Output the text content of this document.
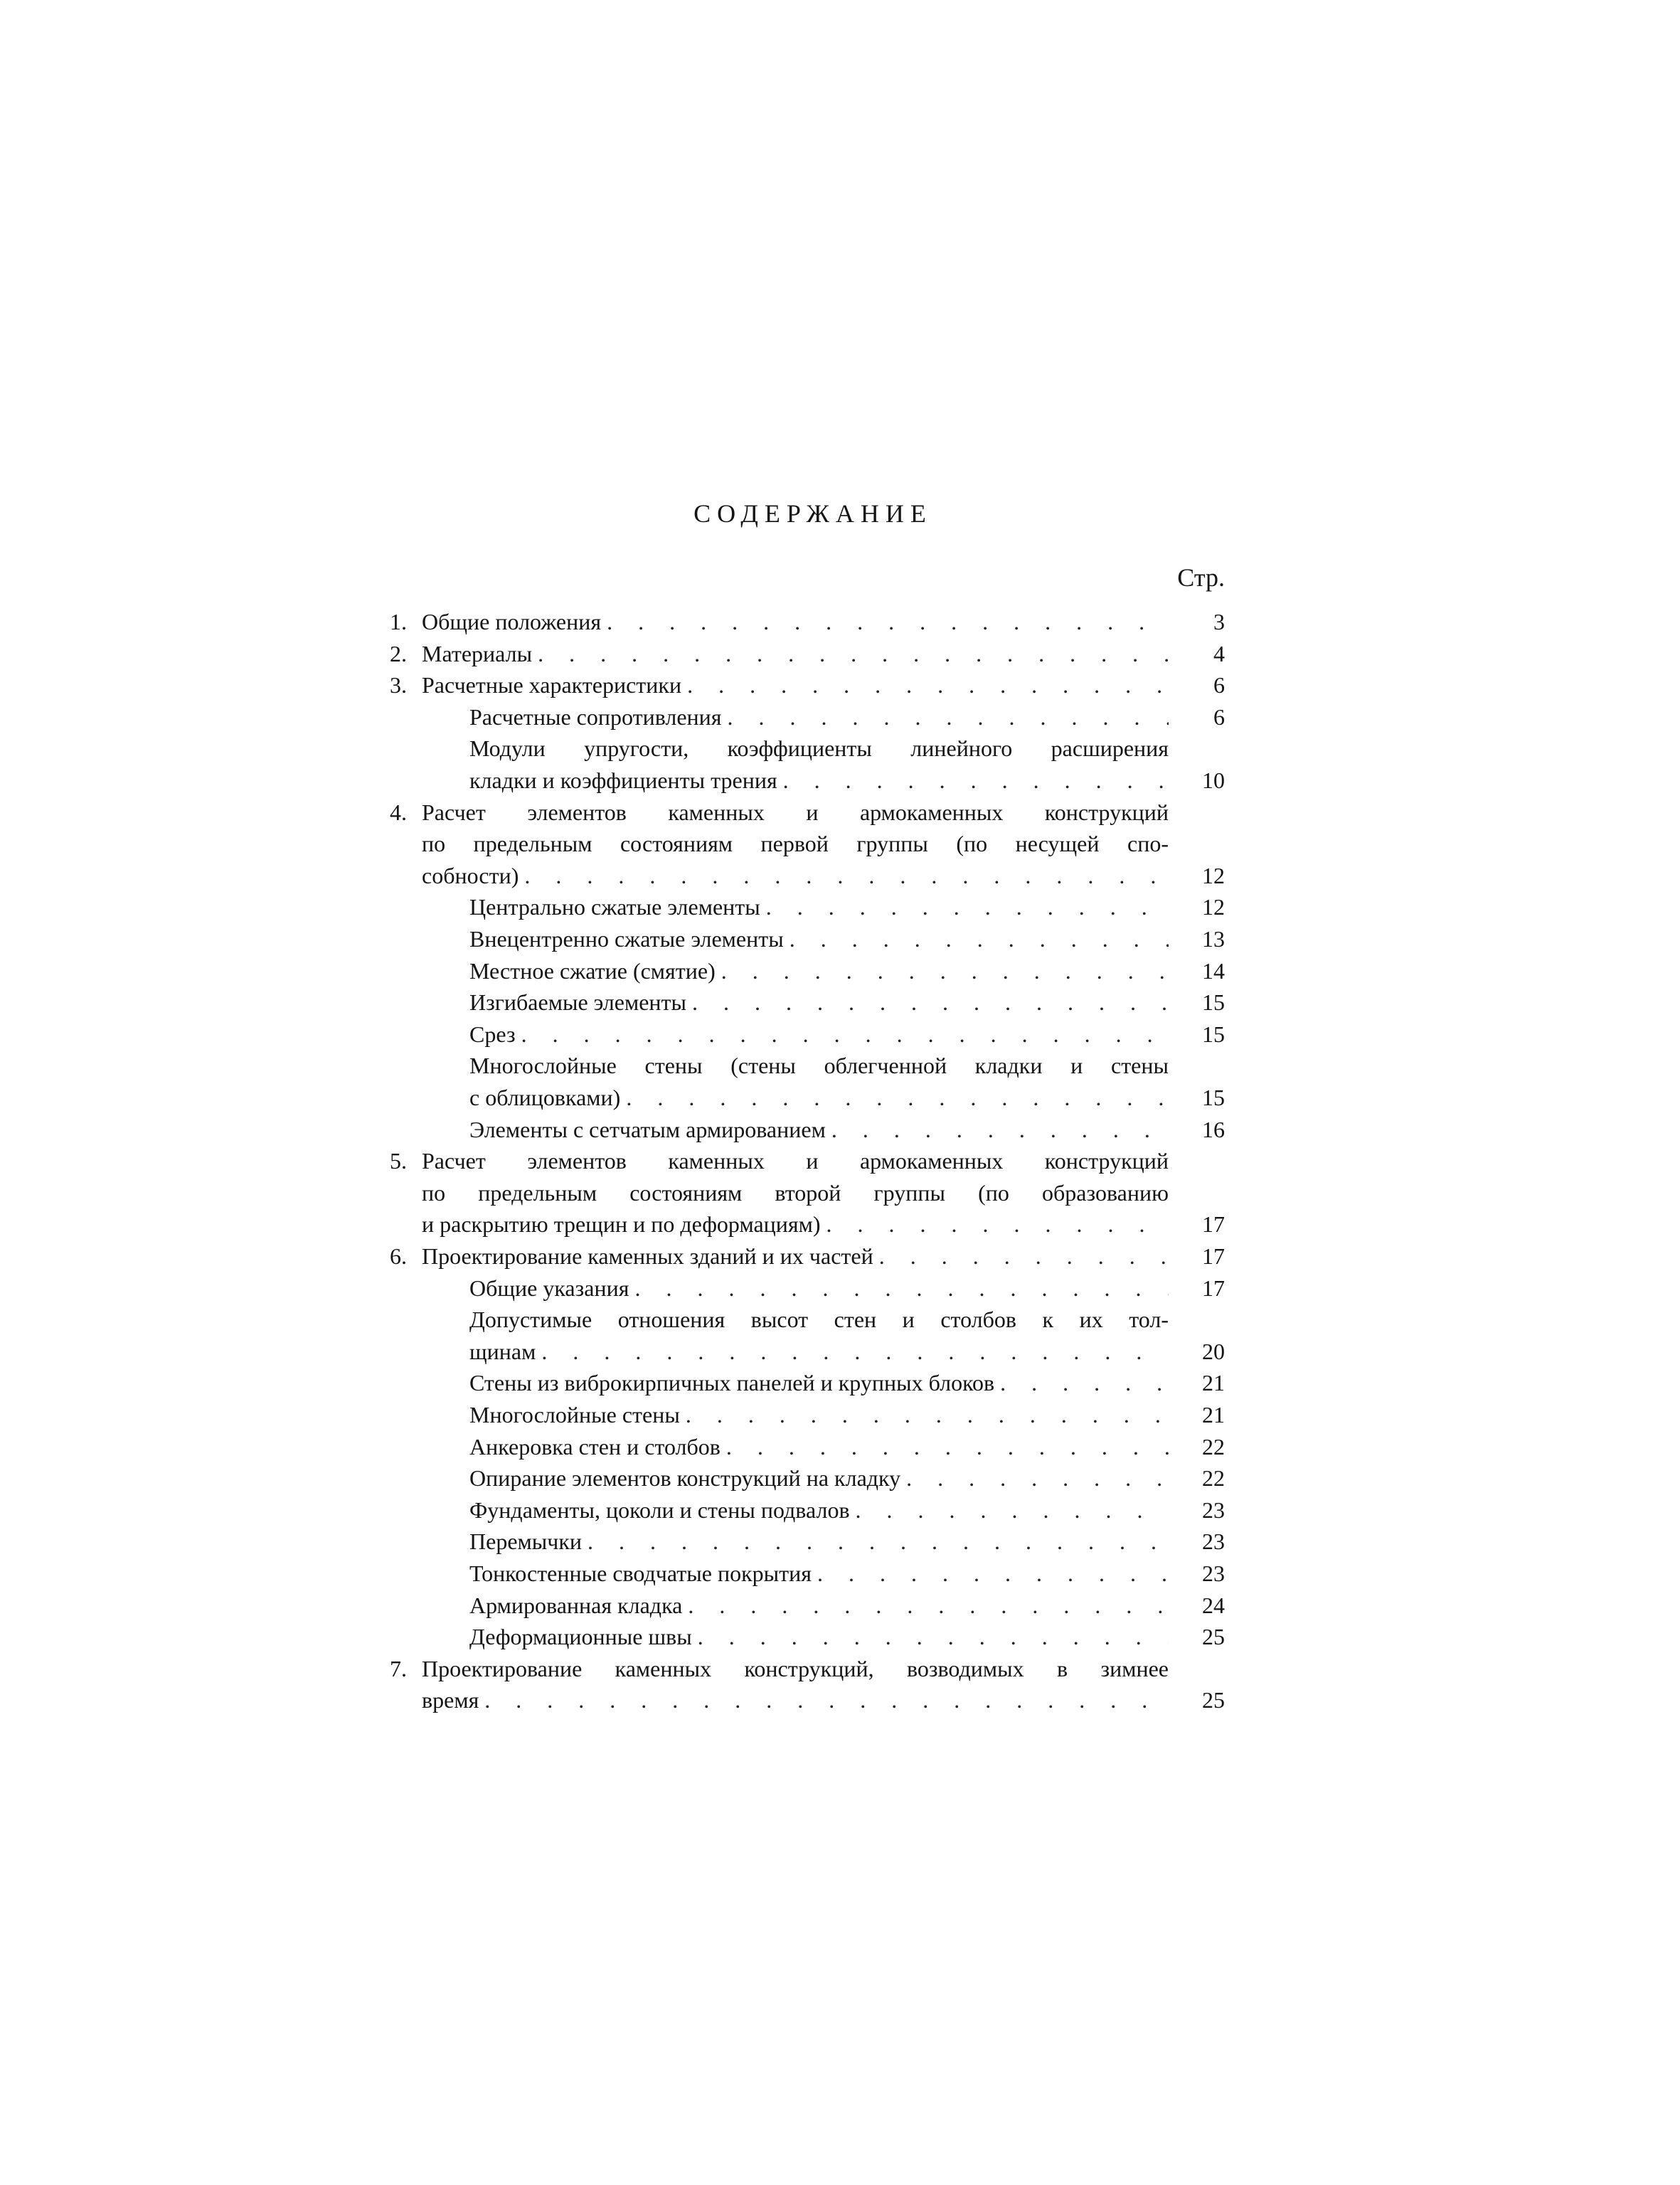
СОДЕРЖАНИЕ
Стр.
1. Общие положения . . .	3
2. Материалы . . .	4
3. Расчетные характеристики . . .	6
Расчетные сопротивления . . .	6
Модули упругости, коэффициенты линейного расширения
кладки и коэффициенты трения . . .	10
4. Расчет элементов каменных и армокаменных конструкций
по предельным состояниям первой группы (по несущей спо-
собности) . . .	12
Центрально сжатые элементы . . .	12
Внецентренно сжатые элементы . . .	13
Местное сжатие (смятие) . . .	14
Изгибаемые элементы . . .	15
Срез . . .	15
Многослойные стены (стены облегченной кладки и стены
с облицовками) . . .	15
Элементы с сетчатым армированием . . .	16
5. Расчет элементов каменных и армокаменных конструкций
по предельным состояниям второй группы (по образованию
и раскрытию трещин и по деформациям) . . .	17
6. Проектирование каменных зданий и их частей . . .	17
Общие указания . . .	17
Допустимые отношения высот стен и столбов к их тол-
щинам . . .	20
Стены из виброкирпичных панелей и крупных блоков . . .	21
Многослойные стены . . .	21
Анкеровка стен и столбов . . .	22
Опирание элементов конструкций на кладку . . .	22
Фундаменты, цоколи и стены подвалов . . .	23
Перемычки . . .	23
Тонкостенные сводчатые покрытия . . .	23
Армированная кладка . . .	24
Деформационные швы . . .	25
7. Проектирование каменных конструкций, возводимых в зимнее
время . . .	25
